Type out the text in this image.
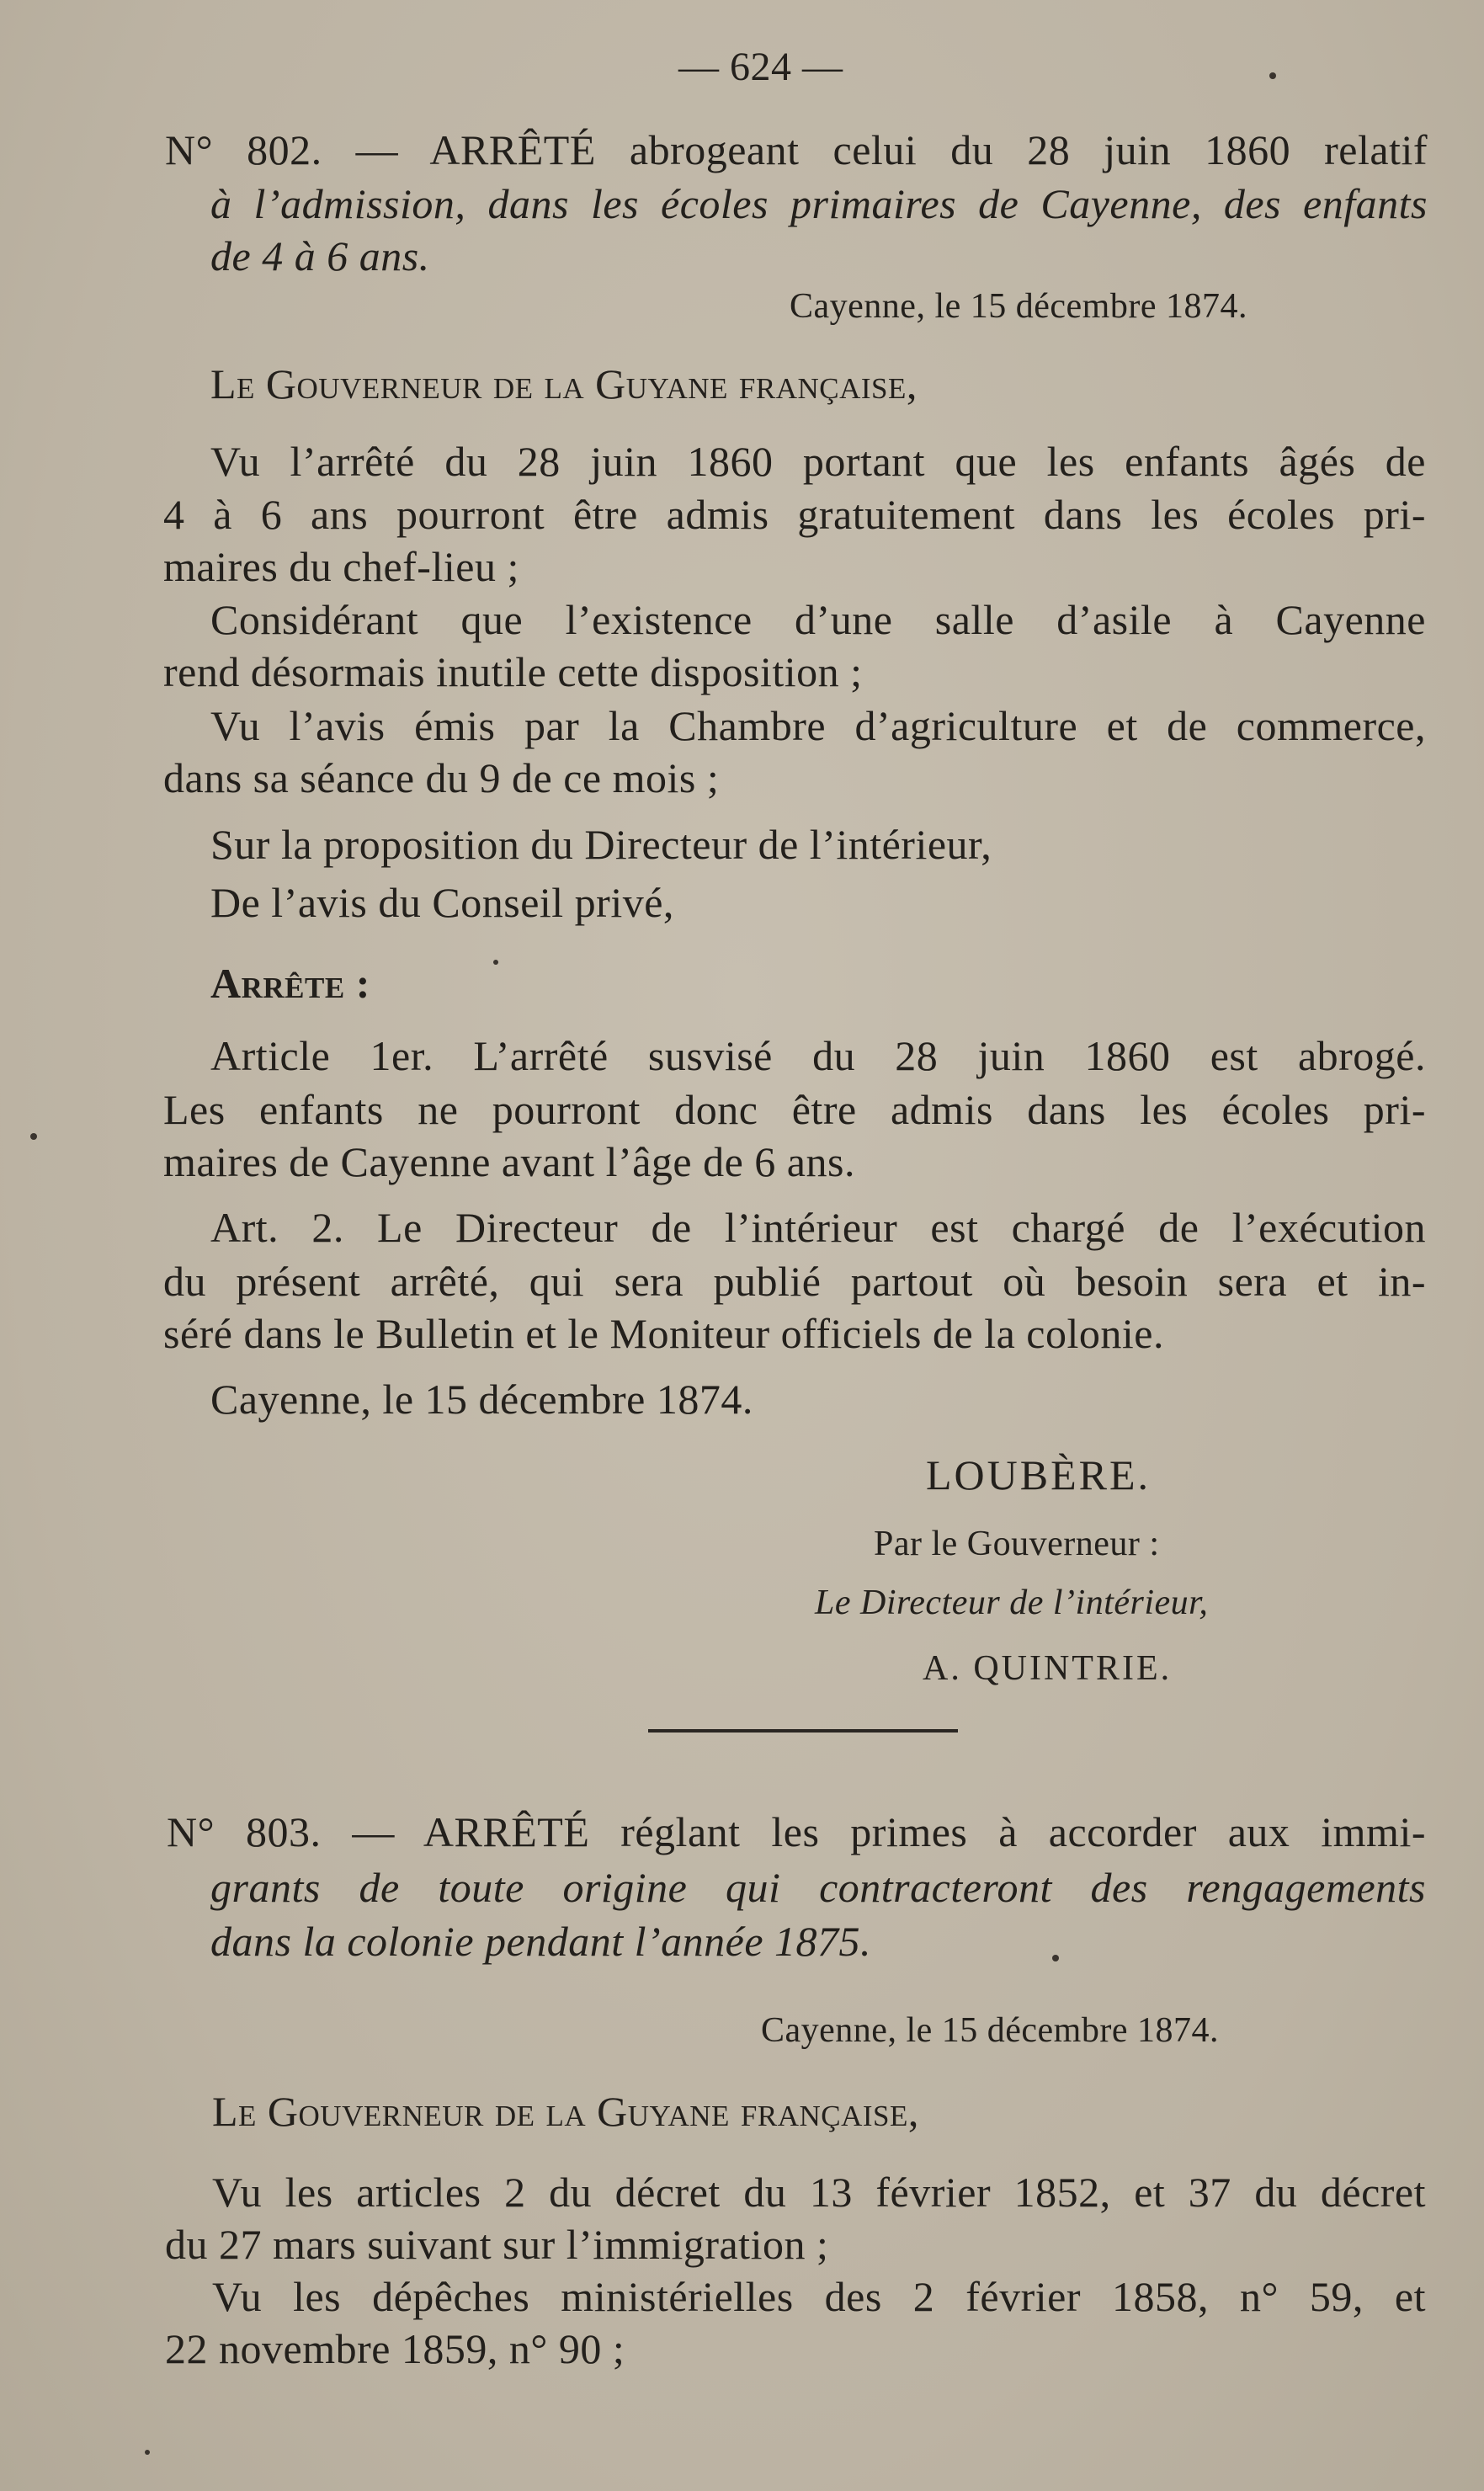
— 624 —
N° 802. — ARRÊTÉ abrogeant celui du 28 juin 1860 relatif
à l’admission, dans les écoles primaires de Cayenne, des enfants
de 4 à 6 ans.
Cayenne, le 15 décembre 1874.
Le Gouverneur de la Guyane française,
Vu l’arrêté du 28 juin 1860 portant que les enfants âgés de
4 à 6 ans pourront être admis gratuitement dans les écoles pri-
maires du chef-lieu ;
Considérant que l’existence d’une salle d’asile à Cayenne
rend désormais inutile cette disposition ;
Vu l’avis émis par la Chambre d’agriculture et de commerce,
dans sa séance du 9 de ce mois ;
Sur la proposition du Directeur de l’intérieur,
De l’avis du Conseil privé,
Arrête :
Article 1er. L’arrêté susvisé du 28 juin 1860 est abrogé.
Les enfants ne pourront donc être admis dans les écoles pri-
maires de Cayenne avant l’âge de 6 ans.
Art. 2. Le Directeur de l’intérieur est chargé de l’exécution
du présent arrêté, qui sera publié partout où besoin sera et in-
séré dans le Bulletin et le Moniteur officiels de la colonie.
Cayenne, le 15 décembre 1874.
LOUBÈRE.
Par le Gouverneur :
Le Directeur de l’intérieur,
A. QUINTRIE.
N° 803. — ARRÊTÉ réglant les primes à accorder aux immi-
grants de toute origine qui contracteront des rengagements
dans la colonie pendant l’année 1875.
Cayenne, le 15 décembre 1874.
Le Gouverneur de la Guyane française,
Vu les articles 2 du décret du 13 février 1852, et 37 du décret
du 27 mars suivant sur l’immigration ;
Vu les dépêches ministérielles des 2 février 1858, n° 59, et
22 novembre 1859, n° 90 ;
